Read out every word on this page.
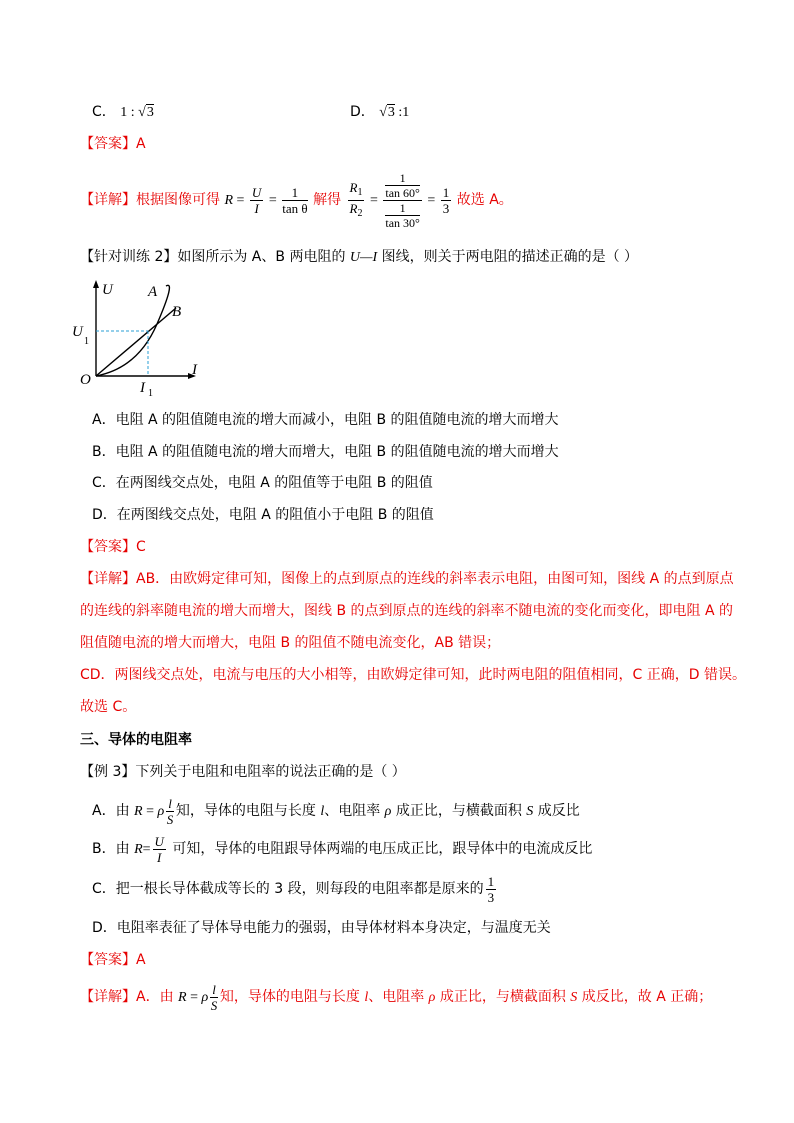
C． 1 : √3	D． √3 :1
【答案】A
【详解】根据图像可得 $R = \frac{U}{I} = \frac{1}{\text{tan θ}}$ 解得 $\frac{R_1}{R_2} = \frac{\frac{1}{\tan 60^\circ}}{\frac{1}{\tan 30^\circ}} = \frac{1}{3}$ 故选 A。
【针对训练 2】如图所示为 A、B 两电阻的 U—I 图线，则关于两电阻的描述正确的是（ ）
U
I
O
A
B
U
1
I 1
A．电阻 A 的阻值随电流的增大而减小，电阻 B 的阻值随电流的增大而增大
B．电阻 A 的阻值随电流的增大而增大，电阻 B 的阻值随电流的增大而增大
C．在两图线交点处，电阻 A 的阻值等于电阻 B 的阻值
D．在两图线交点处，电阻 A 的阻值小于电阻 B 的阻值
【答案】C
【详解】AB．由欧姆定律可知，图像上的点到原点的连线的斜率表示电阻，由图可知，图线 A 的点到原点
的连线的斜率随电流的增大而增大，图线 B 的点到原点的连线的斜率不随电流的变化而变化，即电阻 A 的
阻值随电流的增大而增大，电阻 B 的阻值不随电流变化，AB 错误；
CD．两图线交点处，电流与电压的大小相等，由欧姆定律可知，此时两电阻的阻值相同，C 正确，D 错误。
故选 C。
三、导体的电阻率
【例 3】下列关于电阻和电阻率的说法正确的是（ ）
A．由 R = ρ $\frac{l}{S}$ 知，导体的电阻与长度 l、电阻率 ρ 成正比，与横截面积 S 成反比
B．由 $R= \frac{U}{I}$ 可知，导体的电阻跟导体两端的电压成正比，跟导体中的电流成反比
C．把一根长导体截成等长的 3 段，则每段的电阻率都是原来的 $\frac{1}{3}$
D．电阻率表征了导体导电能力的强弱，由导体材料本身决定，与温度无关
【答案】A
【详解】A．由 R = ρ $\frac{l}{S}$ 知，导体的电阻与长度 l、电阻率 ρ 成正比，与横截面积 S 成反比，故 A 正确；
